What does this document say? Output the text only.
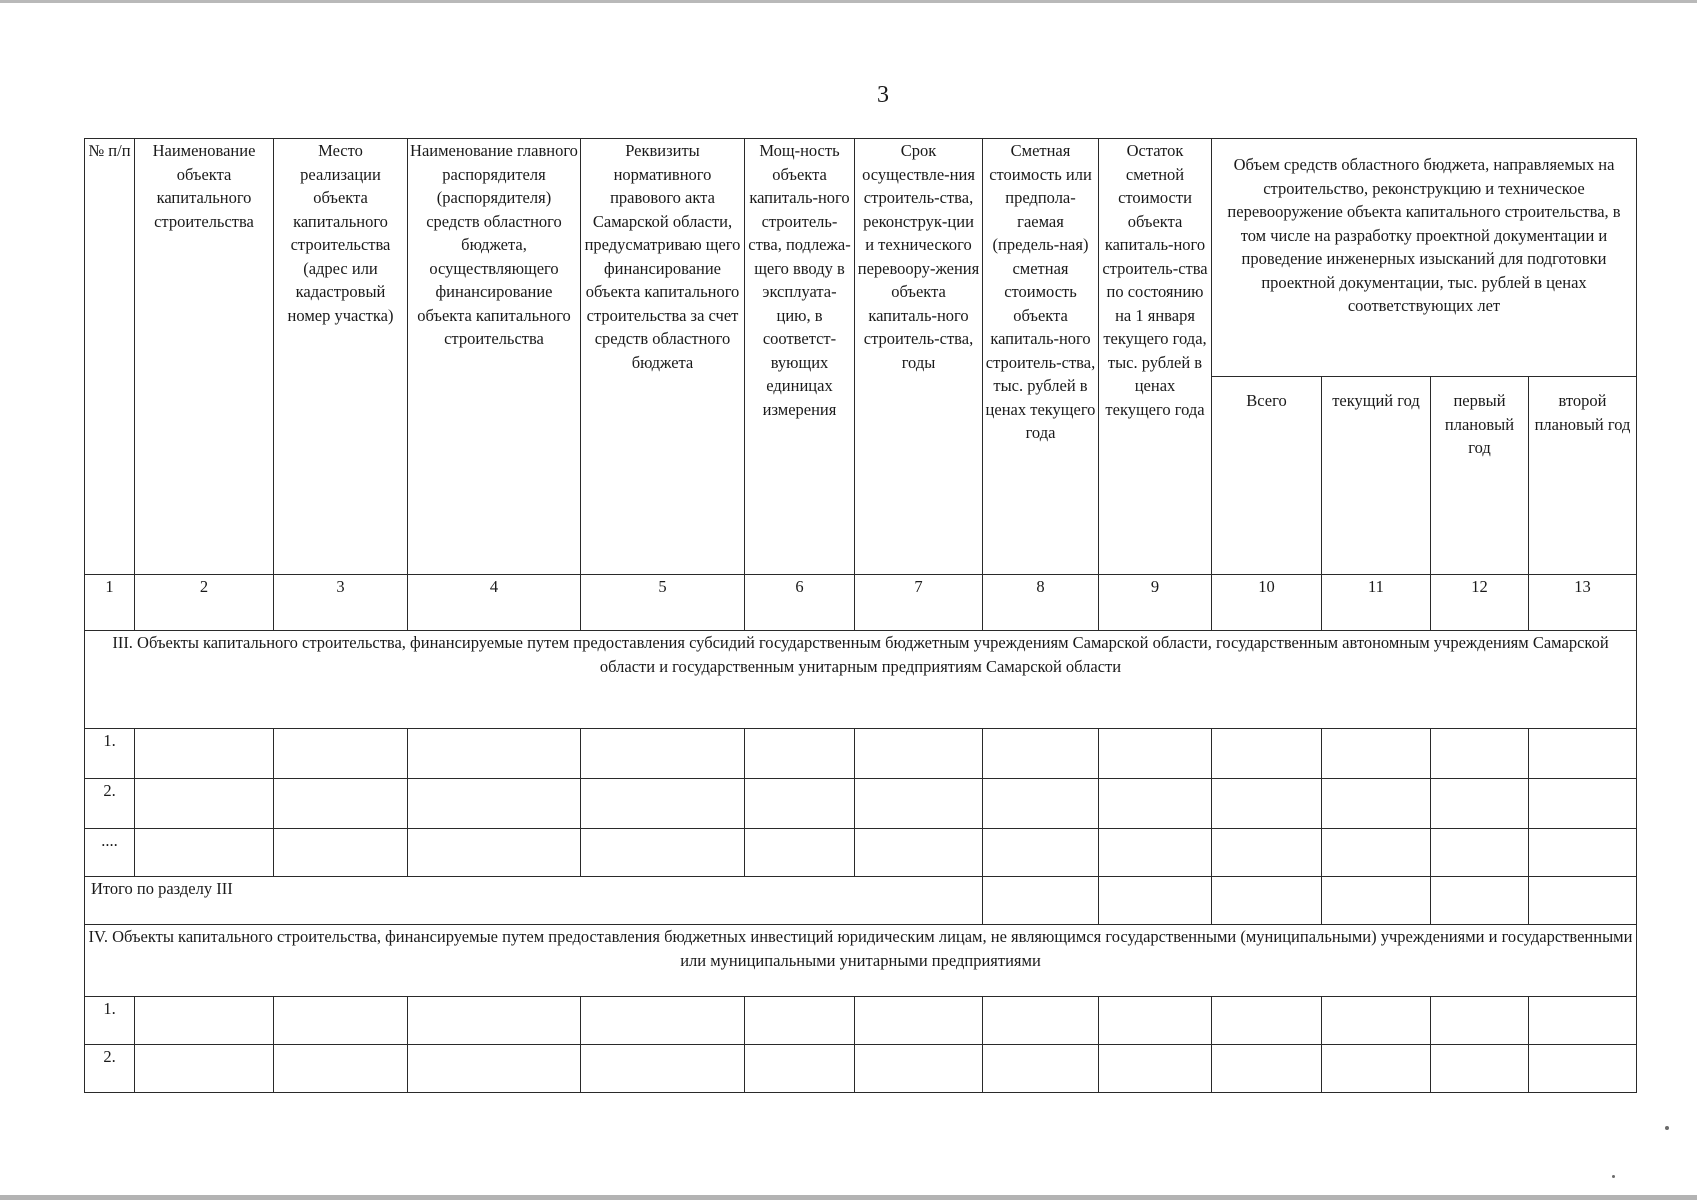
3
№ п/п	Наименование объекта капитального строительства	Место реализации объекта капитального строительства (адрес или кадастровый номер участка)	Наименование главного распорядителя (распорядителя) средств областного бюджета, осуществляющего финансирование объекта капитального строительства	Реквизиты нормативного правового акта Самарской области, предусматриваю щего финансирование объекта капитального строительства за счет средств областного бюджета	Мощ-ность объекта капиталь-ного строитель-ства, подлежа-щего вводу в эксплуата-цию, в соответст-вующих единицах измерения	Срок осуществле-ния строитель-ства, реконструк-ции и технического перевоору-жения объекта капиталь-ного строитель-ства, годы	Сметная стоимость или предпола-гаемая (предель-ная) сметная стоимость объекта капиталь-ного строитель-ства, тыс. рублей в ценах текущего года	Остаток сметной стоимости объекта капиталь-ного строитель-ства по состоянию на 1 января текущего года, тыс. рублей в ценах текущего года	Объем средств областного бюджета, направляемых на строительство, реконструкцию и техническое перевооружение объекта капитального строительства, в том числе на разработку проектной документации и проведение инженерных изысканий для подготовки проектной документации, тыс. рублей в ценах соответствующих лет			
									Всего	текущий год	первый плановый год	второй плановый год
1	2	3	4	5	6	7	8	9	10	11	12	13
III. Объекты капитального строительства, финансируемые путем предоставления субсидий государственным бюджетным учреждениям Самарской области, государственным автономным учреждениям Самарской области и государственным унитарным предприятиям Самарской области												
1.												
2.												
....												
Итого по разделу III												
IV. Объекты капитального строительства, финансируемые путем предоставления бюджетных инвестиций юридическим лицам, не являющимся государственными (муниципальными) учреждениями и государственными или муниципальными унитарными предприятиями												
1.												
2.												
